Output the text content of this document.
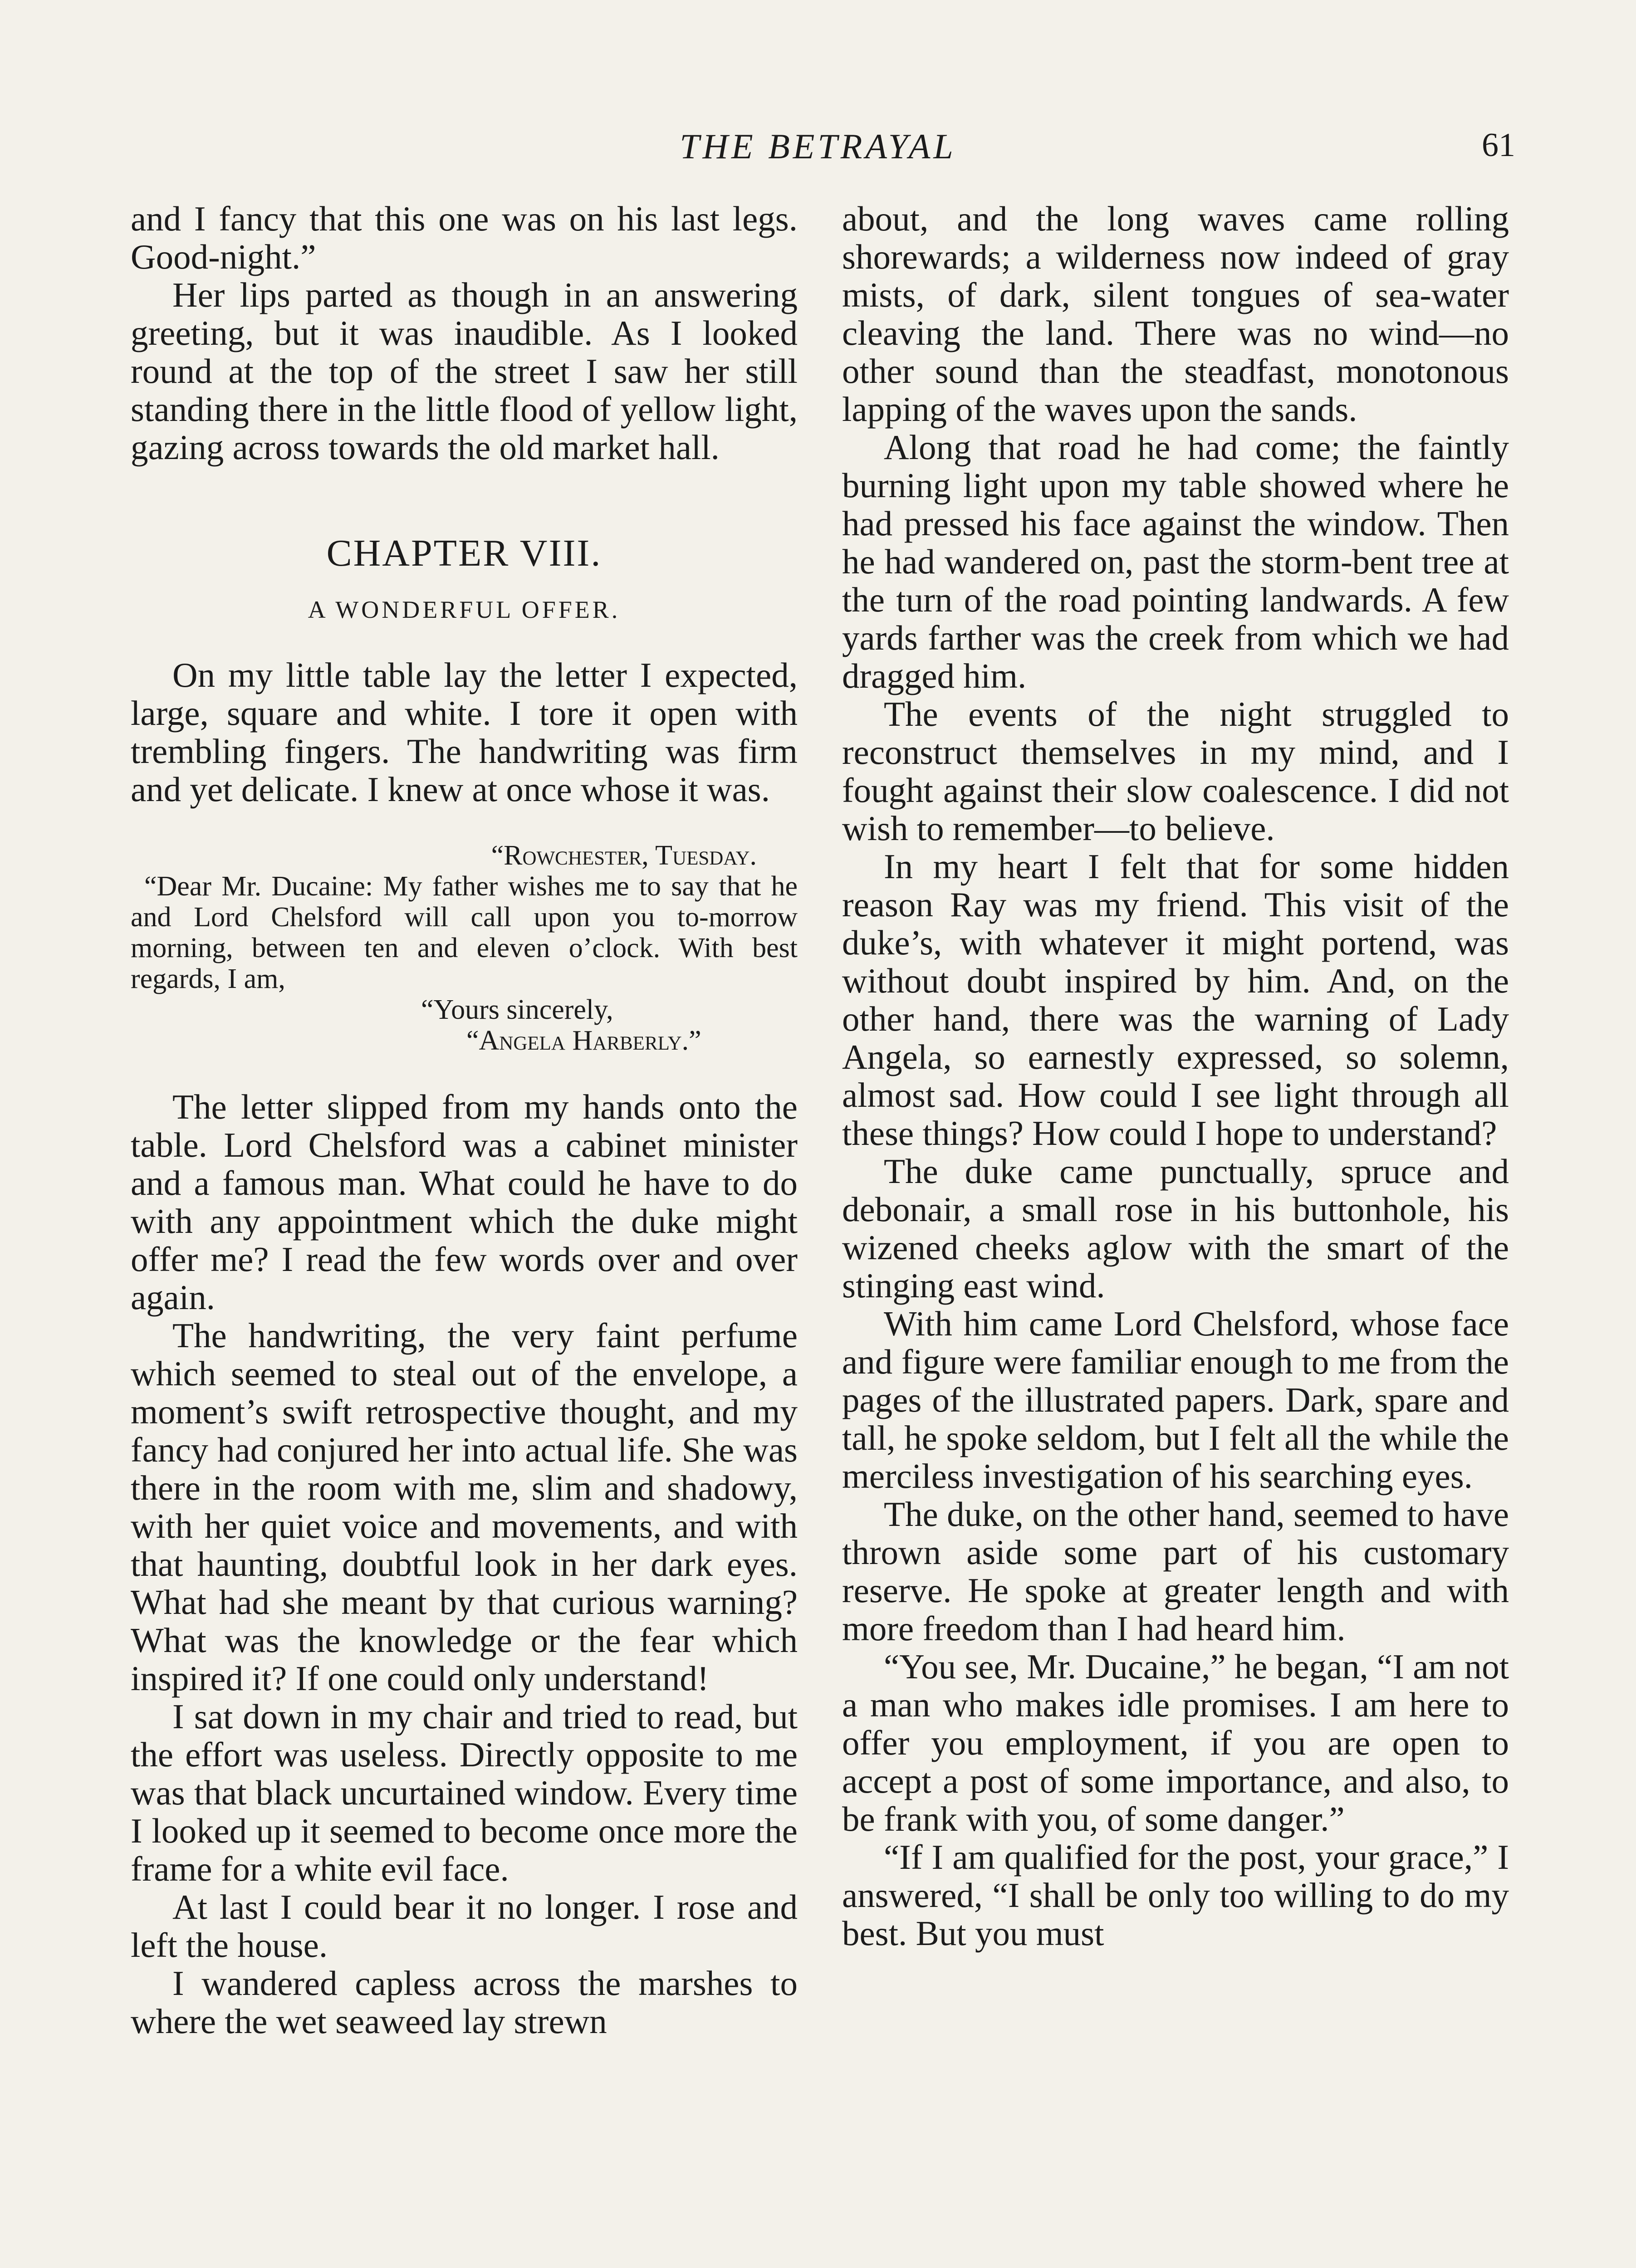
THE BETRAYAL	61

and I fancy that this one was on his last legs. Good-night.”

Her lips parted as though in an answering greeting, but it was inaudible. As I looked round at the top of the street I saw her still standing there in the little flood of yellow light, gazing across towards the old market hall.

CHAPTER VIII.
A WONDERFUL OFFER.

On my little table lay the letter I expected, large, square and white. I tore it open with trembling fingers. The handwriting was firm and yet delicate. I knew at once whose it was.

“Rowchester, Tuesday.
“Dear Mr. Ducaine: My father wishes me to say that he and Lord Chelsford will call upon you to-morrow morning, between ten and eleven o’clock. With best regards, I am,
“Yours sincerely,
“Angela Harberly.”

The letter slipped from my hands onto the table. Lord Chelsford was a cabinet minister and a famous man. What could he have to do with any appointment which the duke might offer me? I read the few words over and over again.

The handwriting, the very faint perfume which seemed to steal out of the envelope, a moment’s swift retrospective thought, and my fancy had conjured her into actual life. She was there in the room with me, slim and shadowy, with her quiet voice and movements, and with that haunting, doubtful look in her dark eyes. What had she meant by that curious warning? What was the knowledge or the fear which inspired it? If one could only understand!

I sat down in my chair and tried to read, but the effort was useless. Directly opposite to me was that black uncurtained window. Every time I looked up it seemed to become once more the frame for a white evil face.

At last I could bear it no longer. I rose and left the house.

I wandered capless across the marshes to where the wet seaweed lay strewn

about, and the long waves came rolling shorewards; a wilderness now indeed of gray mists, of dark, silent tongues of sea-water cleaving the land. There was no wind—no other sound than the steadfast, monotonous lapping of the waves upon the sands.

Along that road he had come; the faintly burning light upon my table showed where he had pressed his face against the window. Then he had wandered on, past the storm-bent tree at the turn of the road pointing landwards. A few yards farther was the creek from which we had dragged him.

The events of the night struggled to reconstruct themselves in my mind, and I fought against their slow coalescence. I did not wish to remember—to believe.

In my heart I felt that for some hidden reason Ray was my friend. This visit of the duke’s, with whatever it might portend, was without doubt inspired by him. And, on the other hand, there was the warning of Lady Angela, so earnestly expressed, so solemn, almost sad. How could I see light through all these things? How could I hope to understand?

The duke came punctually, spruce and debonair, a small rose in his buttonhole, his wizened cheeks aglow with the smart of the stinging east wind.

With him came Lord Chelsford, whose face and figure were familiar enough to me from the pages of the illustrated papers. Dark, spare and tall, he spoke seldom, but I felt all the while the merciless investigation of his searching eyes.

The duke, on the other hand, seemed to have thrown aside some part of his customary reserve. He spoke at greater length and with more freedom than I had heard him.

“You see, Mr. Ducaine,” he began, “I am not a man who makes idle promises. I am here to offer you employment, if you are open to accept a post of some importance, and also, to be frank with you, of some danger.”

“If I am qualified for the post, your grace,” I answered, “I shall be only too willing to do my best. But you must
